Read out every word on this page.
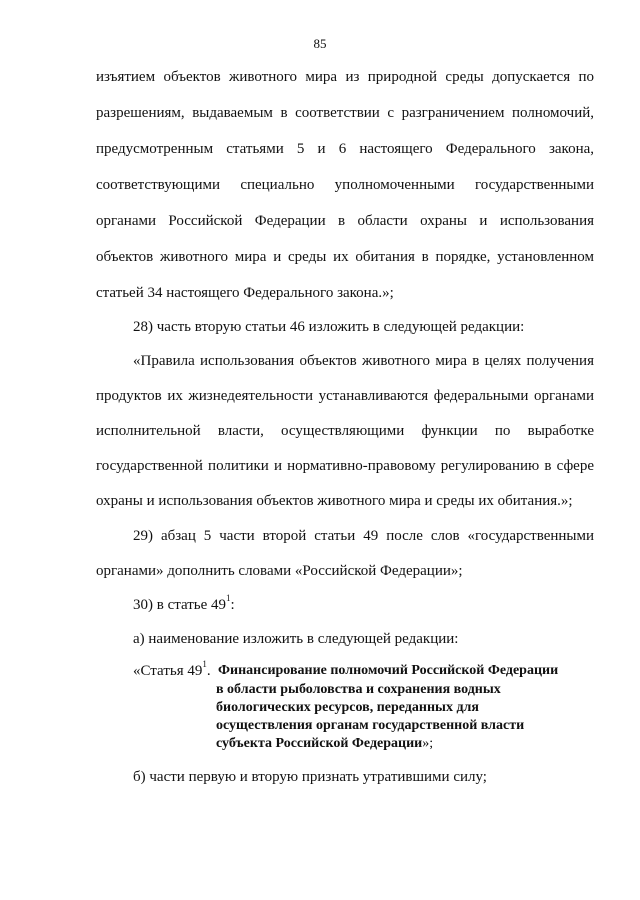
85
изъятием объектов животного мира из природной среды допускается по
разрешениям, выдаваемым в соответствии с разграничением полномочий,
предусмотренным статьями 5 и 6 настоящего Федерального закона,
соответствующими специально уполномоченными государственными
органами Российской Федерации в области охраны и использования
объектов животного мира и среды их обитания в порядке, установленном
статьей 34 настоящего Федерального закона.»;
28) часть вторую статьи 46 изложить в следующей редакции:
«Правила использования объектов животного мира в целях получения
продуктов их жизнедеятельности устанавливаются федеральными органами
исполнительной власти, осуществляющими функции по выработке
государственной политики и нормативно-правовому регулированию в сфере
охраны и использования объектов животного мира и среды их обитания.»;
29) абзац 5 части второй статьи 49 после слов «государственными
органами» дополнить словами «Российской Федерации»;
30) в статье $49^1$:
а) наименование изложить в следующей редакции:
«Статья $49^1$. Финансирование полномочий Российской Федерации
в области рыболовства и сохранения водных
биологических ресурсов, переданных для
осуществления органам государственной власти
субъекта Российской Федерации»;
б) части первую и вторую признать утратившими силу;
